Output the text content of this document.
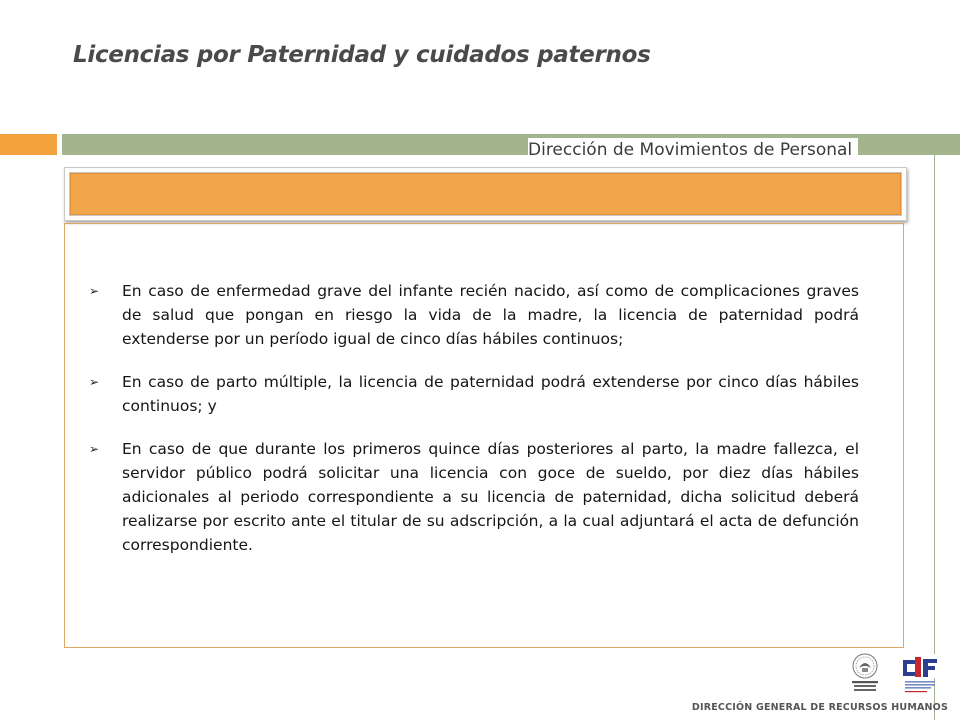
Licencias por Paternidad y cuidados paternos
Dirección de Movimientos de Personal
➢ En caso de enfermedad grave del infante recién nacido, así como de complicaciones graves de salud que pongan en riesgo la vida de la madre, la licencia de paternidad podrá extenderse por un período igual de cinco días hábiles continuos;
➢ En caso de parto múltiple, la licencia de paternidad podrá extenderse por cinco días hábiles continuos; y
➢ En caso de que durante los primeros quince días posteriores al parto, la madre fallezca, el servidor público podrá solicitar una licencia con goce de sueldo, por diez días hábiles adicionales al periodo correspondiente a su licencia de paternidad, dicha solicitud deberá realizarse por escrito ante el titular de su adscripción, a la cual adjuntará el acta de defunción correspondiente.
DIRECCIÓN GENERAL DE RECURSOS HUMANOS
